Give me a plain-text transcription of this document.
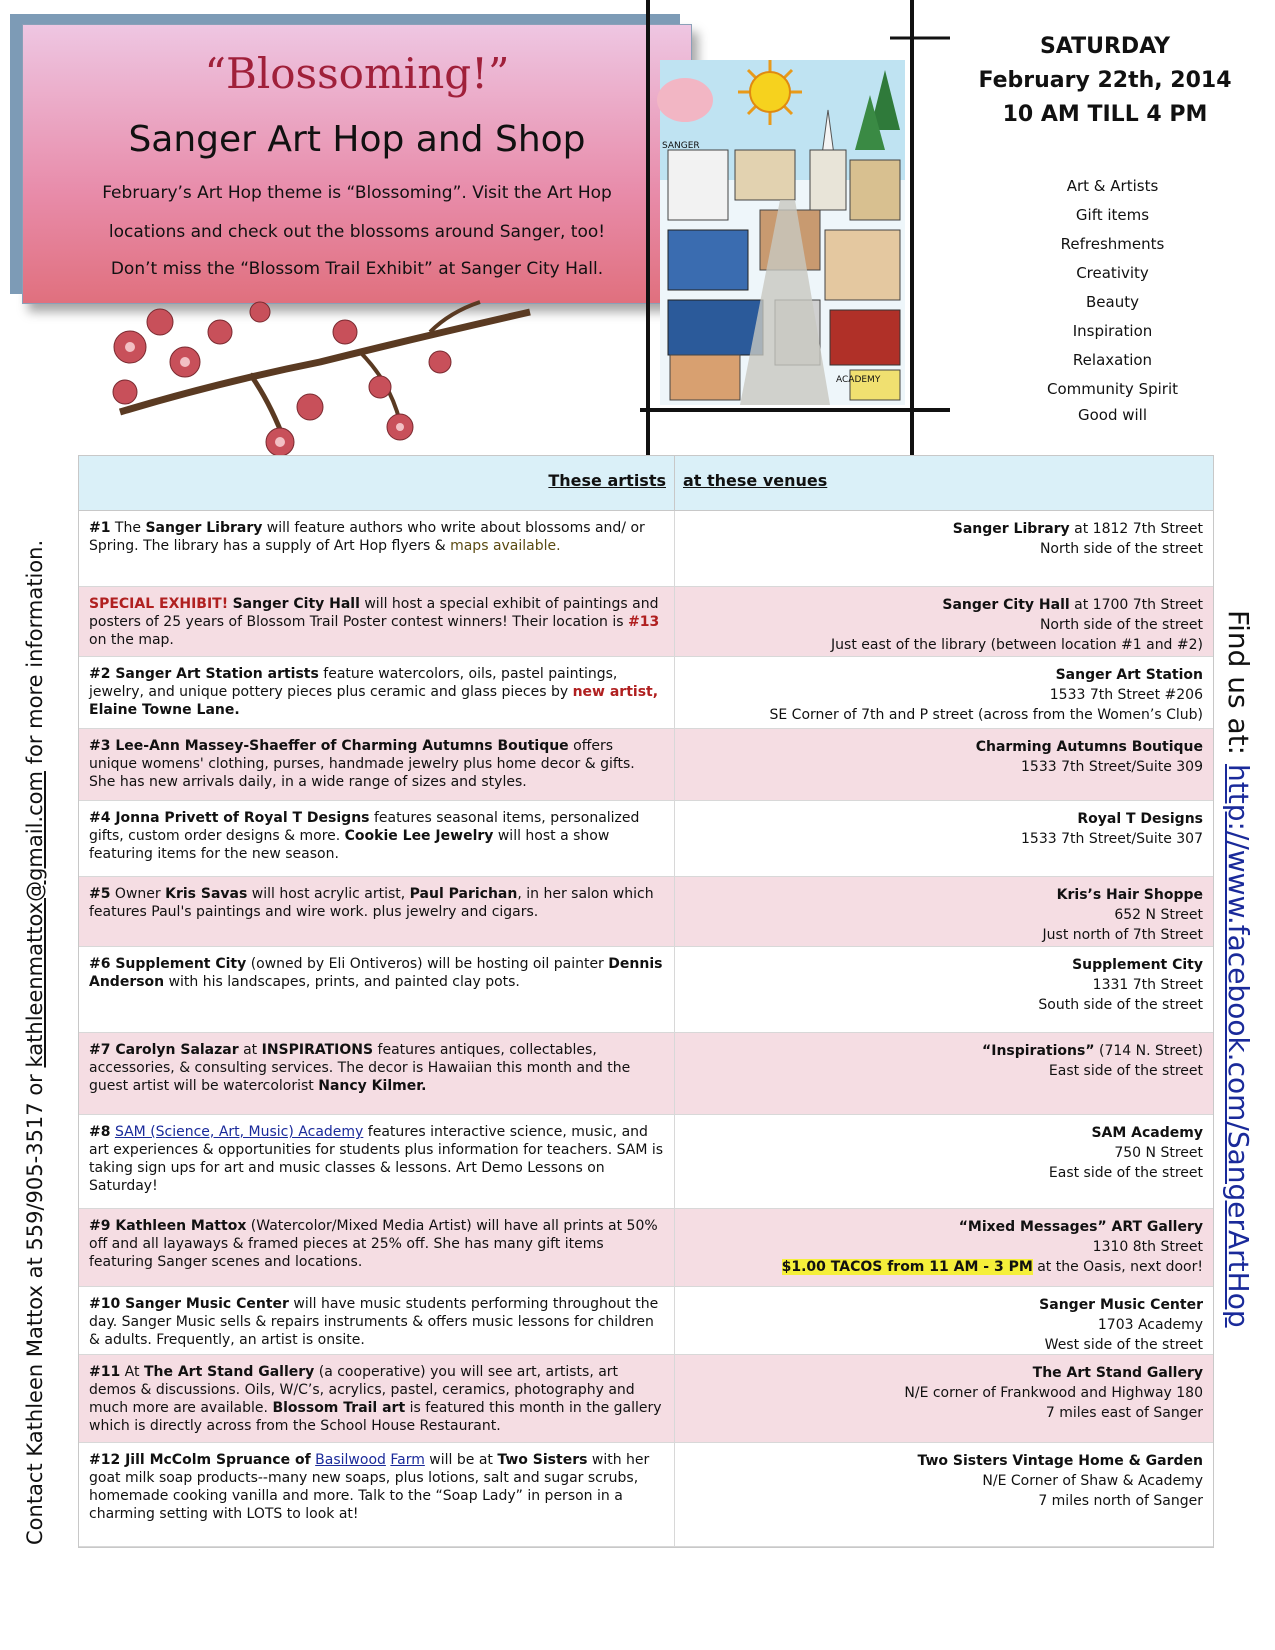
“Blossoming!”
Sanger Art Hop and Shop
February’s Art Hop theme is “Blossoming”. Visit the Art Hop
locations and check out the blossoms around Sanger, too!
Don’t miss the “Blossom Trail Exhibit” at Sanger City Hall.
SANGER
ACADEMY
SATURDAY
February 22th, 2014
10 AM TILL 4 PM
Art & Artists
Gift items
Refreshments
Creativity
Beauty
Inspiration
Relaxation
Community Spirit
Good will
Contact Kathleen Mattox at 559/905-3517 or kathleenmattox@gmail.com for more information.	Find us at: http://www.facebook.com/SangerArtHop
These artists	at these venues
#1 The Sanger Library will feature authors who write about blossoms and/ or Spring. The library has a supply of Art Hop flyers & maps available.
Sanger Library at 1812 7th Street
North side of the street
SPECIAL EXHIBIT! Sanger City Hall will host a special exhibit of paintings and posters of 25 years of Blossom Trail Poster contest winners! Their location is #13 on the map.
Sanger City Hall at 1700 7th Street
North side of the street
Just east of the library (between location #1 and #2)
#2 Sanger Art Station artists feature watercolors, oils, pastel paintings, jewelry, and unique pottery pieces plus ceramic and glass pieces by new artist, Elaine Towne Lane.
Sanger Art Station
1533 7th Street #206
SE Corner of 7th and P street (across from the Women’s Club)
#3 Lee-Ann Massey-Shaeffer of Charming Autumns Boutique offers unique womens' clothing, purses, handmade jewelry plus home decor & gifts. She has new arrivals daily, in a wide range of sizes and styles.
Charming Autumns Boutique
1533 7th Street/Suite 309
#4 Jonna Privett of Royal T Designs features seasonal items, personalized gifts, custom order designs & more. Cookie Lee Jewelry will host a show featuring items for the new season.
Royal T Designs
1533 7th Street/Suite 307
#5 Owner Kris Savas will host acrylic artist, Paul Parichan, in her salon which features Paul's paintings and wire work. plus jewelry and cigars.
Kris’s Hair Shoppe
652 N Street
Just north of 7th Street
#6 Supplement City (owned by Eli Ontiveros) will be hosting oil painter Dennis Anderson with his landscapes, prints, and painted clay pots.
Supplement City
1331 7th Street
South side of the street
#7 Carolyn Salazar at INSPIRATIONS features antiques, collectables, accessories, & consulting services. The decor is Hawaiian this month and the guest artist will be watercolorist Nancy Kilmer.
“Inspirations” (714 N. Street)
East side of the street
#8 SAM (Science, Art, Music) Academy features interactive science, music, and art experiences & opportunities for students plus information for teachers. SAM is taking sign ups for art and music classes & lessons. Art Demo Lessons on Saturday!
SAM Academy
750 N Street
East side of the street
#9 Kathleen Mattox (Watercolor/Mixed Media Artist) will have all prints at 50% off and all layaways & framed pieces at 25% off. She has many gift items featuring Sanger scenes and locations.
“Mixed Messages” ART Gallery
1310 8th Street
$1.00 TACOS from 11 AM - 3 PM at the Oasis, next door!
#10 Sanger Music Center will have music students performing throughout the day. Sanger Music sells & repairs instruments & offers music lessons for children & adults. Frequently, an artist is onsite.
Sanger Music Center
1703 Academy
West side of the street
#11 At The Art Stand Gallery (a cooperative) you will see art, artists, art demos & discussions. Oils, W/C’s, acrylics, pastel, ceramics, photography and much more are available. Blossom Trail art is featured this month in the gallery which is directly across from the School House Restaurant.
The Art Stand Gallery
N/E corner of Frankwood and Highway 180
7 miles east of Sanger
#12 Jill McColm Spruance of Basilwood Farm will be at Two Sisters with her goat milk soap products--many new soaps, plus lotions, salt and sugar scrubs, homemade cooking vanilla and more. Talk to the “Soap Lady” in person in a charming setting with LOTS to look at!
Two Sisters Vintage Home & Garden
N/E Corner of Shaw & Academy
7 miles north of Sanger
